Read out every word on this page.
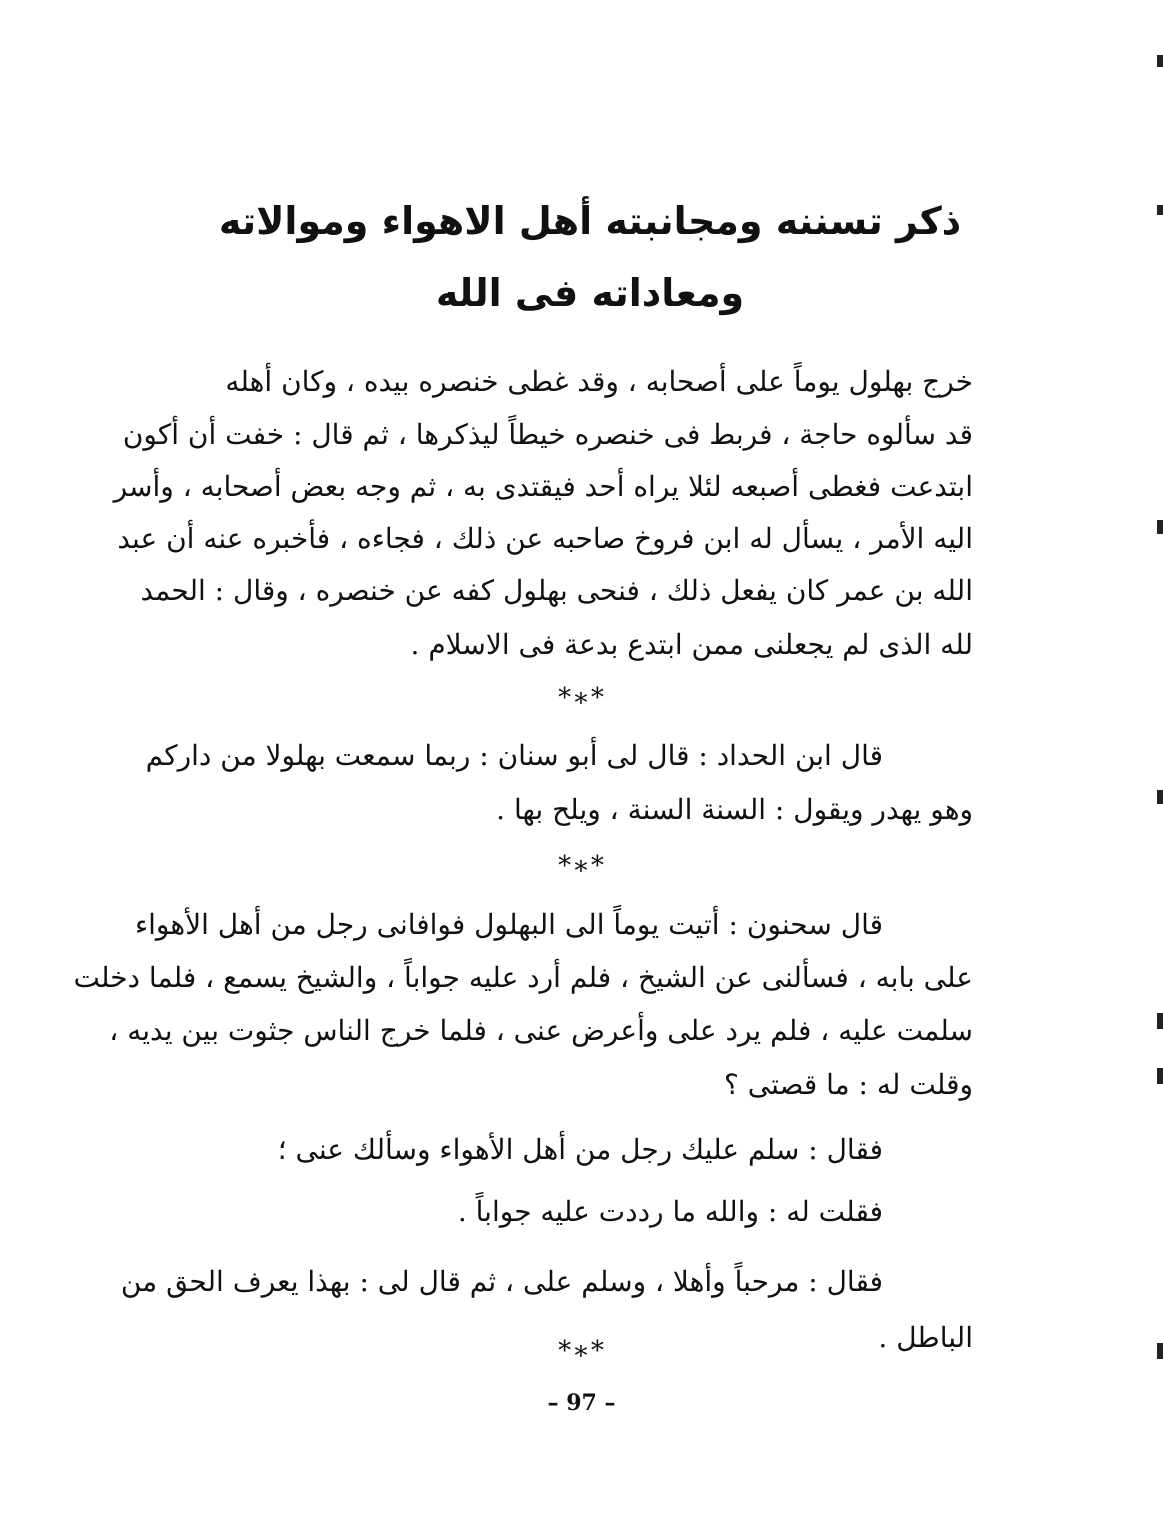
ذكر تسننه ومجانبته أهل الاهواء وموالاته
ومعاداته فى الله
خرج بهلول يوماً على أصحابه ، وقد غطى خنصره بيده ، وكان أهله
قد سألوه حاجة ، فربط فى خنصره خيطاً ليذكرها ، ثم قال : خفت أن أكون
ابتدعت فغطى أصبعه لئلا يراه أحد فيقتدى به ، ثم وجه بعض أصحابه ، وأسر
اليه الأمر ، يسأل له ابن فروخ صاحبه عن ذلك ، فجاءه ، فأخبره عنه أن عبد
الله بن عمر كان يفعل ذلك ، فنحى بهلول كفه عن خنصره ، وقال : الحمد
لله الذى لم يجعلنى ممن ابتدع بدعة فى الاسلام .
*∗*
قال ابن الحداد : قال لى أبو سنان : ربما سمعت بهلولا من داركم
وهو يهدر ويقول : السنة السنة ، ويلح بها .
*∗*
قال سحنون : أتيت يوماً الى البهلول فوافانى رجل من أهل الأهواء
على بابه ، فسألنى عن الشيخ ، فلم أرد عليه جواباً ، والشيخ يسمع ، فلما دخلت
سلمت عليه ، فلم يرد على وأعرض عنى ، فلما خرج الناس جثوت بين يديه ،
وقلت له : ما قصتى ؟
فقال : سلم عليك رجل من أهل الأهواء وسألك عنى ؛
فقلت له : والله ما رددت عليه جواباً .
فقال : مرحباً وأهلا ، وسلم على ، ثم قال لى : بهذا يعرف الحق من
الباطل .
*∗*
– 97 –
